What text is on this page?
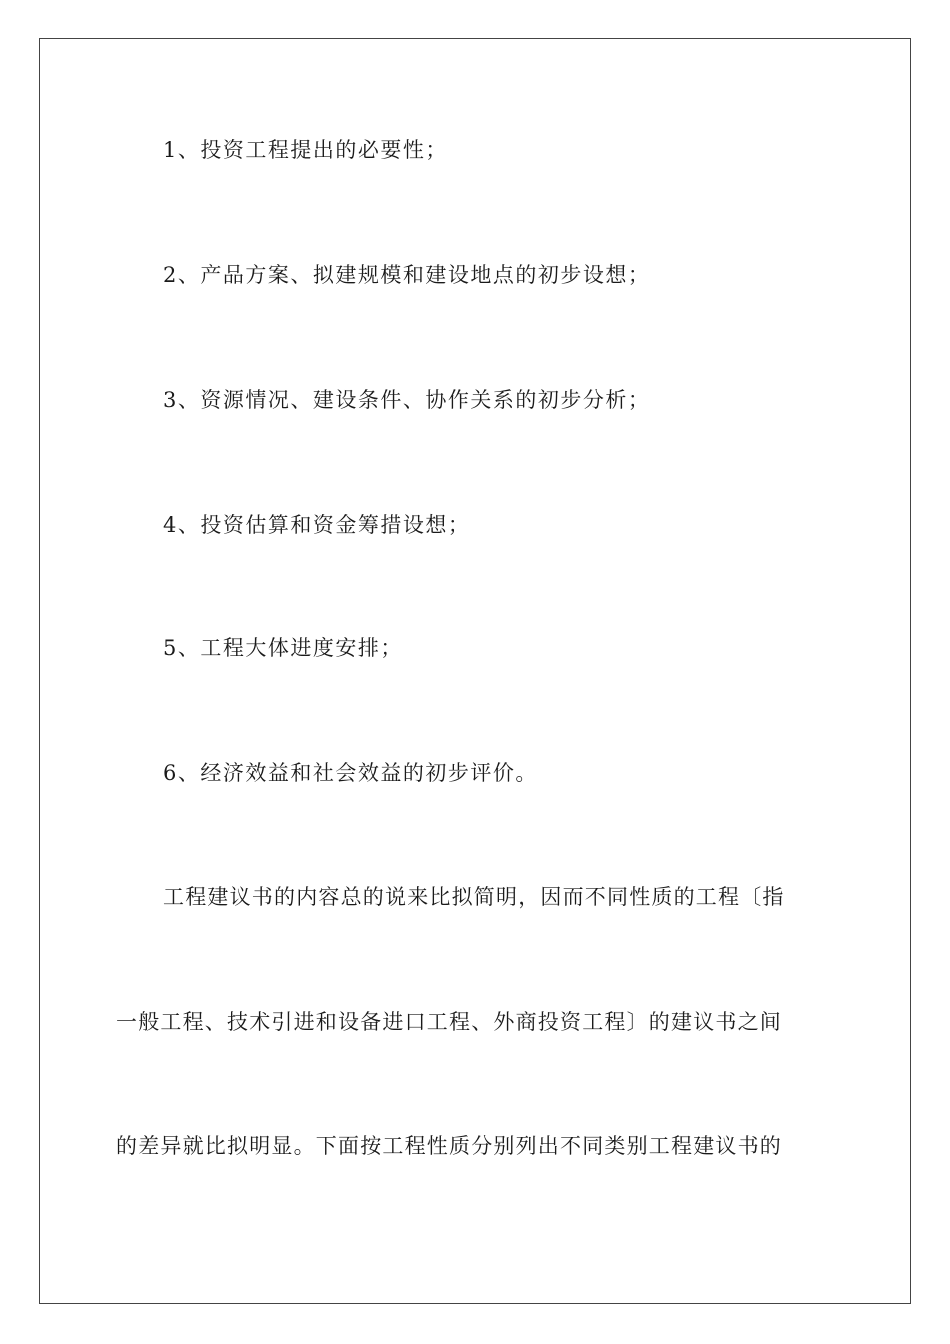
1、投资工程提出的必要性；
2、产品方案、拟建规模和建设地点的初步设想；
3、资源情况、建设条件、协作关系的初步分析；
4、投资估算和资金筹措设想；
5、工程大体进度安排；
6、经济效益和社会效益的初步评价。
工程建议书的内容总的说来比拟简明，因而不同性质的工程〔指
一般工程、技术引进和设备进口工程、外商投资工程〕的建议书之间
的差异就比拟明显。下面按工程性质分别列出不同类别工程建议书的
